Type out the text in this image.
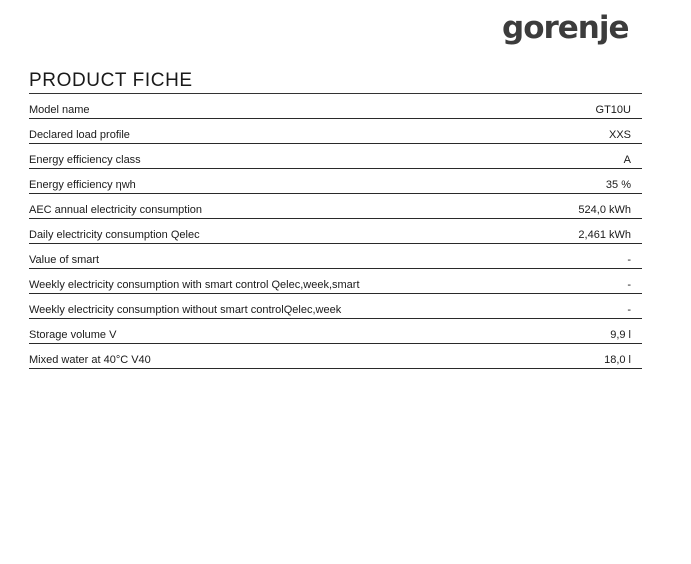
gorenje
PRODUCT FICHE
Model name	GT10U
Declared load profile	XXS
Energy efficiency class	A
Energy efficiency ηwh	35 %
AEC annual electricity consumption	524,0 kWh
Daily electricity consumption Qelec	2,461 kWh
Value of smart	-
Weekly electricity consumption with smart control Qelec,week,smart	-
Weekly electricity consumption without smart controlQelec,week	-
Storage volume V	9,9 l
Mixed water at 40°C V40	18,0 l
